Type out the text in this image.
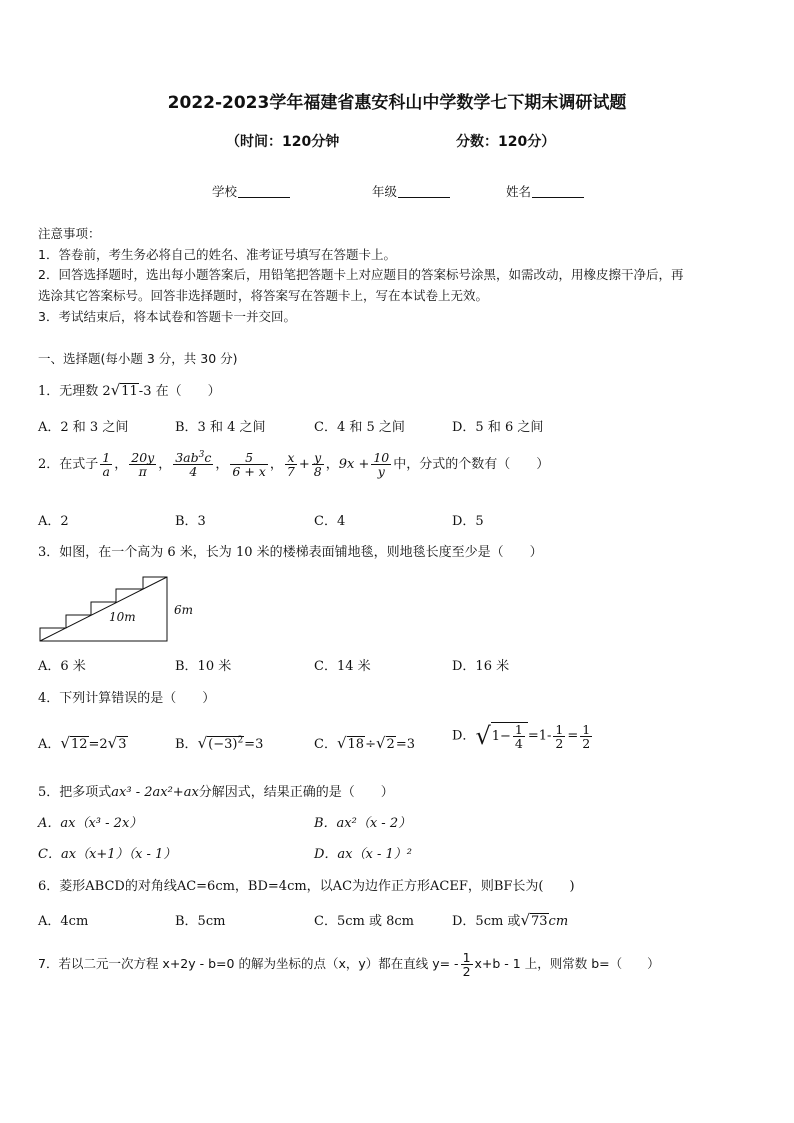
2022-2023学年福建省惠安科山中学数学七下期末调研试题
（时间：120分钟	分数：120分）
学校	年级	姓名
注意事项：
1．答卷前，考生务必将自己的姓名、准考证号填写在答题卡上。
2．回答选择题时，选出每小题答案后，用铅笔把答题卡上对应题目的答案标号涂黑，如需改动，用橡皮擦干净后，再
选涂其它答案标号。回答非选择题时，将答案写在答题卡上，写在本试卷上无效。
3．考试结束后，将本试卷和答题卡一并交回。
一、选择题(每小题 3 分，共 30 分)
1．无理数 2√11-3 在（　　）
A．2 和 3 之间	B．3 和 4 之间	C．4 和 5 之间	D．5 和 6 之间
2．在式子 $\frac{1}{a}$ ， $\frac{20y}{\pi}$ ， $\frac{3ab^3c}{4}$ ， $\frac{5}{6 + x}$ ， $\frac{x}{7} + \frac{y}{8}$ ，$9x + \frac{10}{y}$ 中，分式的个数有（　　）
A．2	B．3	C．4	D．5
3．如图，在一个高为 6 米，长为 10 米的楼梯表面铺地毯，则地毯长度至少是（　　）
10m	6m
A．6 米	B．10 米	C．14 米	D．16 米
4．下列计算错误的是（　　）
A．√12=2√3	B．$√(-3)^2=3$	C．√18÷√2=3
D．$√1- \frac{1}{4} =1- \frac{1}{2} = \frac{1}{2}$
5．把多项式ax³ - 2ax²+ax分解因式，结果正确的是（　　）
A．ax（x³ - 2x）	B．ax²（x - 2）
C．ax（x+1）（x - 1）	D．ax（x - 1）²
6．菱形ABCD的对角线AC=6cm，BD=4cm，以AC为边作正方形ACEF，则BF长为(　　)
A．4cm	B．5cm	C．5cm 或 8cm	D．5cm 或√73cm
7．若以二元一次方程 x+2y - b=0 的解为坐标的点（x，y）都在直线 $y= - \frac{1}{2} x+b - 1$ 上，则常数 b=（　　）
